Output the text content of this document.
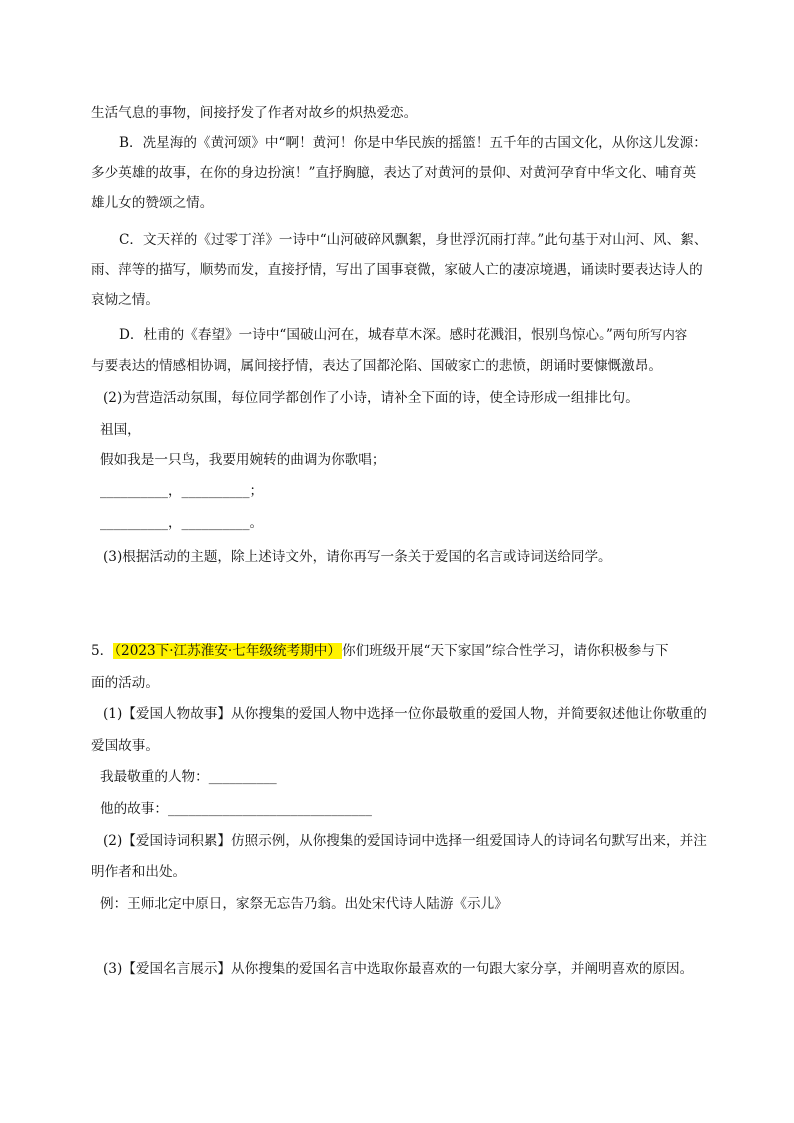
生活气息的事物，间接抒发了作者对故乡的炽热爱恋。
B．冼星海的《黄河颂》中“啊！黄河！你是中华民族的摇篮！五千年的古国文化，从你这儿发源：
多少英雄的故事，在你的身边扮演！”直抒胸臆，表达了对黄河的景仰、对黄河孕育中华文化、哺育英
雄儿女的赞颂之情。
C．文天祥的《过零丁洋》一诗中“山河破碎风飘絮，身世浮沉雨打萍。”此句基于对山河、风、絮、
雨、萍等的描写，顺势而发，直接抒情，写出了国事衰微，家破人亡的凄凉境遇，诵读时要表达诗人的
哀恸之情。
D．杜甫的《春望》一诗中“国破山河在，城春草木深。感时花溅泪，恨别鸟惊心。”两句所写内容
与要表达的情感相协调，属间接抒情，表达了国都沦陷、国破家亡的悲愤，朗诵时要慷慨激昂。
(2)为营造活动氛围，每位同学都创作了小诗，请补全下面的诗，使全诗形成一组排比句。
祖国，
假如我是一只鸟，我要用婉转的曲调为你歌唱；
__________，__________；
__________，__________。
(3)根据活动的主题，除上述诗文外，请你再写一条关于爱国的名言或诗词送给同学。
5．（2023下·江苏淮安·七年级统考期中）你们班级开展“天下家国”综合性学习，请你积极参与下
面的活动。
(1)【爱国人物故事】从你搜集的爱国人物中选择一位你最敬重的爱国人物，并简要叙述他让你敬重的
爱国故事。
我最敬重的人物：__________
他的故事：______________________________
(2)【爱国诗词积累】仿照示例，从你搜集的爱国诗词中选择一组爱国诗人的诗词名句默写出来，并注
明作者和出处。
例：王师北定中原日，家祭无忘告乃翁。出处宋代诗人陆游《示儿》
(3)【爱国名言展示】从你搜集的爱国名言中选取你最喜欢的一句跟大家分享，并阐明喜欢的原因。
